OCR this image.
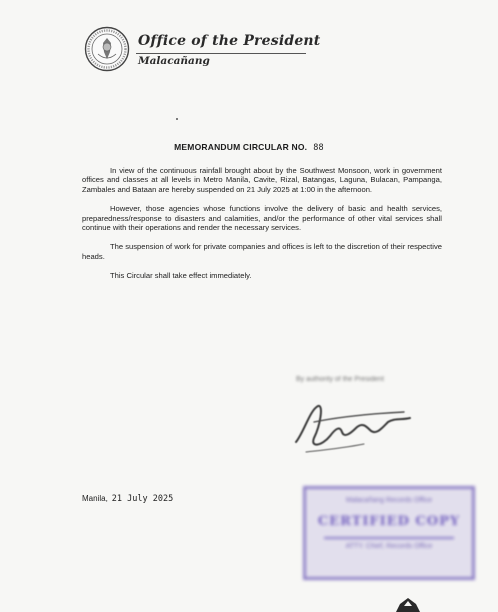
Office of the President
Malacañang
MEMORANDUM CIRCULAR NO. 88

In view of the continuous rainfall brought about by the Southwest Monsoon, work in government offices and classes at all levels in Metro Manila, Cavite, Rizal, Batangas, Laguna, Bulacan, Pampanga, Zambales and Bataan are hereby suspended on 21 July 2025 at 1:00 in the afternoon.

However, those agencies whose functions involve the delivery of basic and health services, preparedness/response to disasters and calamities, and/or the performance of other vital services shall continue with their operations and render the necessary services.

The suspension of work for private companies and offices is left to the discretion of their respective heads.

This Circular shall take effect immediately.

By authority of the President
Manila, 21 July 2025	Malacañang Records Office
CERTIFIED COPY
ATTY. Chief, Records Office
